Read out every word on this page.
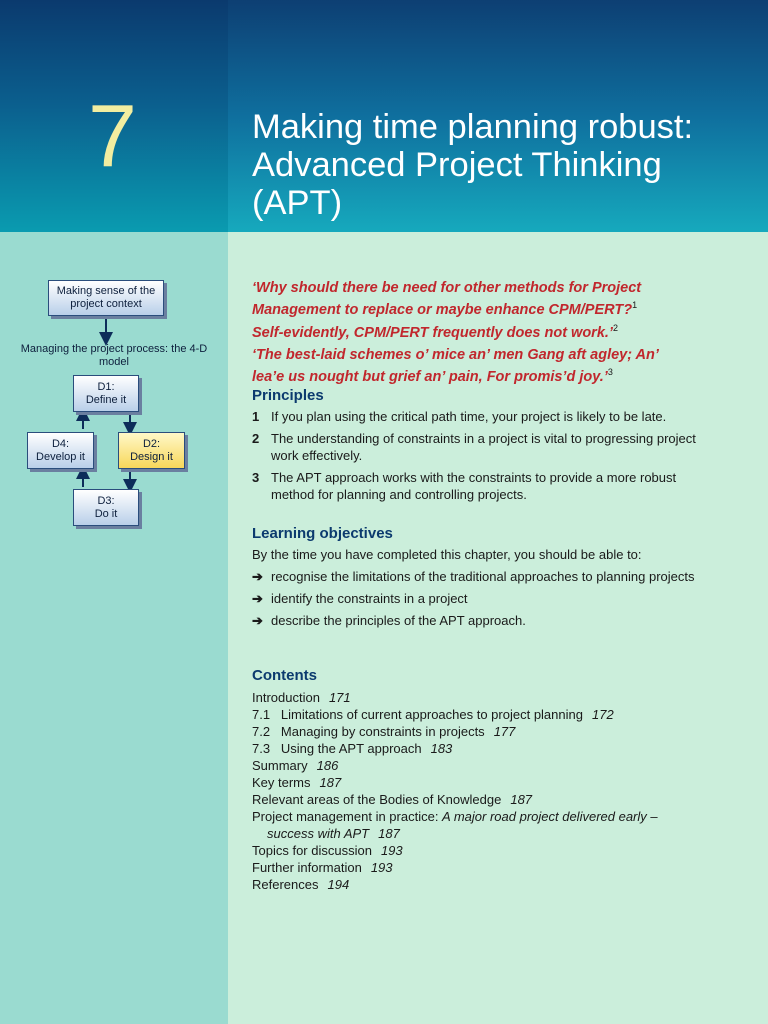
7	Making time planning robust: Advanced Project Thinking (APT)
Making sense of the project context
Managing the project process: the 4-D model
D1:
Define it
D4:
Develop it
D2:
Design it
D3:
Do it
‘Why should there be need for other methods for Project
Management to replace or maybe enhance CPM/PERT?$^1$
Self-evidently, CPM/PERT frequently does not work.’$^2$
‘The best-laid schemes o’ mice an’ men Gang aft agley; An’
lea’e us nought but grief an’ pain, For promis’d joy.’$^3$
Principles
1 If you plan using the critical path time, your project is likely to be late.
2 The understanding of constraints in a project is vital to progressing project work effectively.
3 The APT approach works with the constraints to provide a more robust method for planning and controlling projects.
Learning objectives
By the time you have completed this chapter, you should be able to:
➔ recognise the limitations of the traditional approaches to planning projects
➔ identify the constraints in a project
➔ describe the principles of the APT approach.
Contents
Introduction 171
7.1   Limitations of current approaches to project planning 172
7.2   Managing by constraints in projects 177
7.3   Using the APT approach 183
Summary 186
Key terms 187
Relevant areas of the Bodies of Knowledge 187
Project management in practice: A major road project delivered early –
success with APT 187
Topics for discussion 193
Further information 193
References 194
